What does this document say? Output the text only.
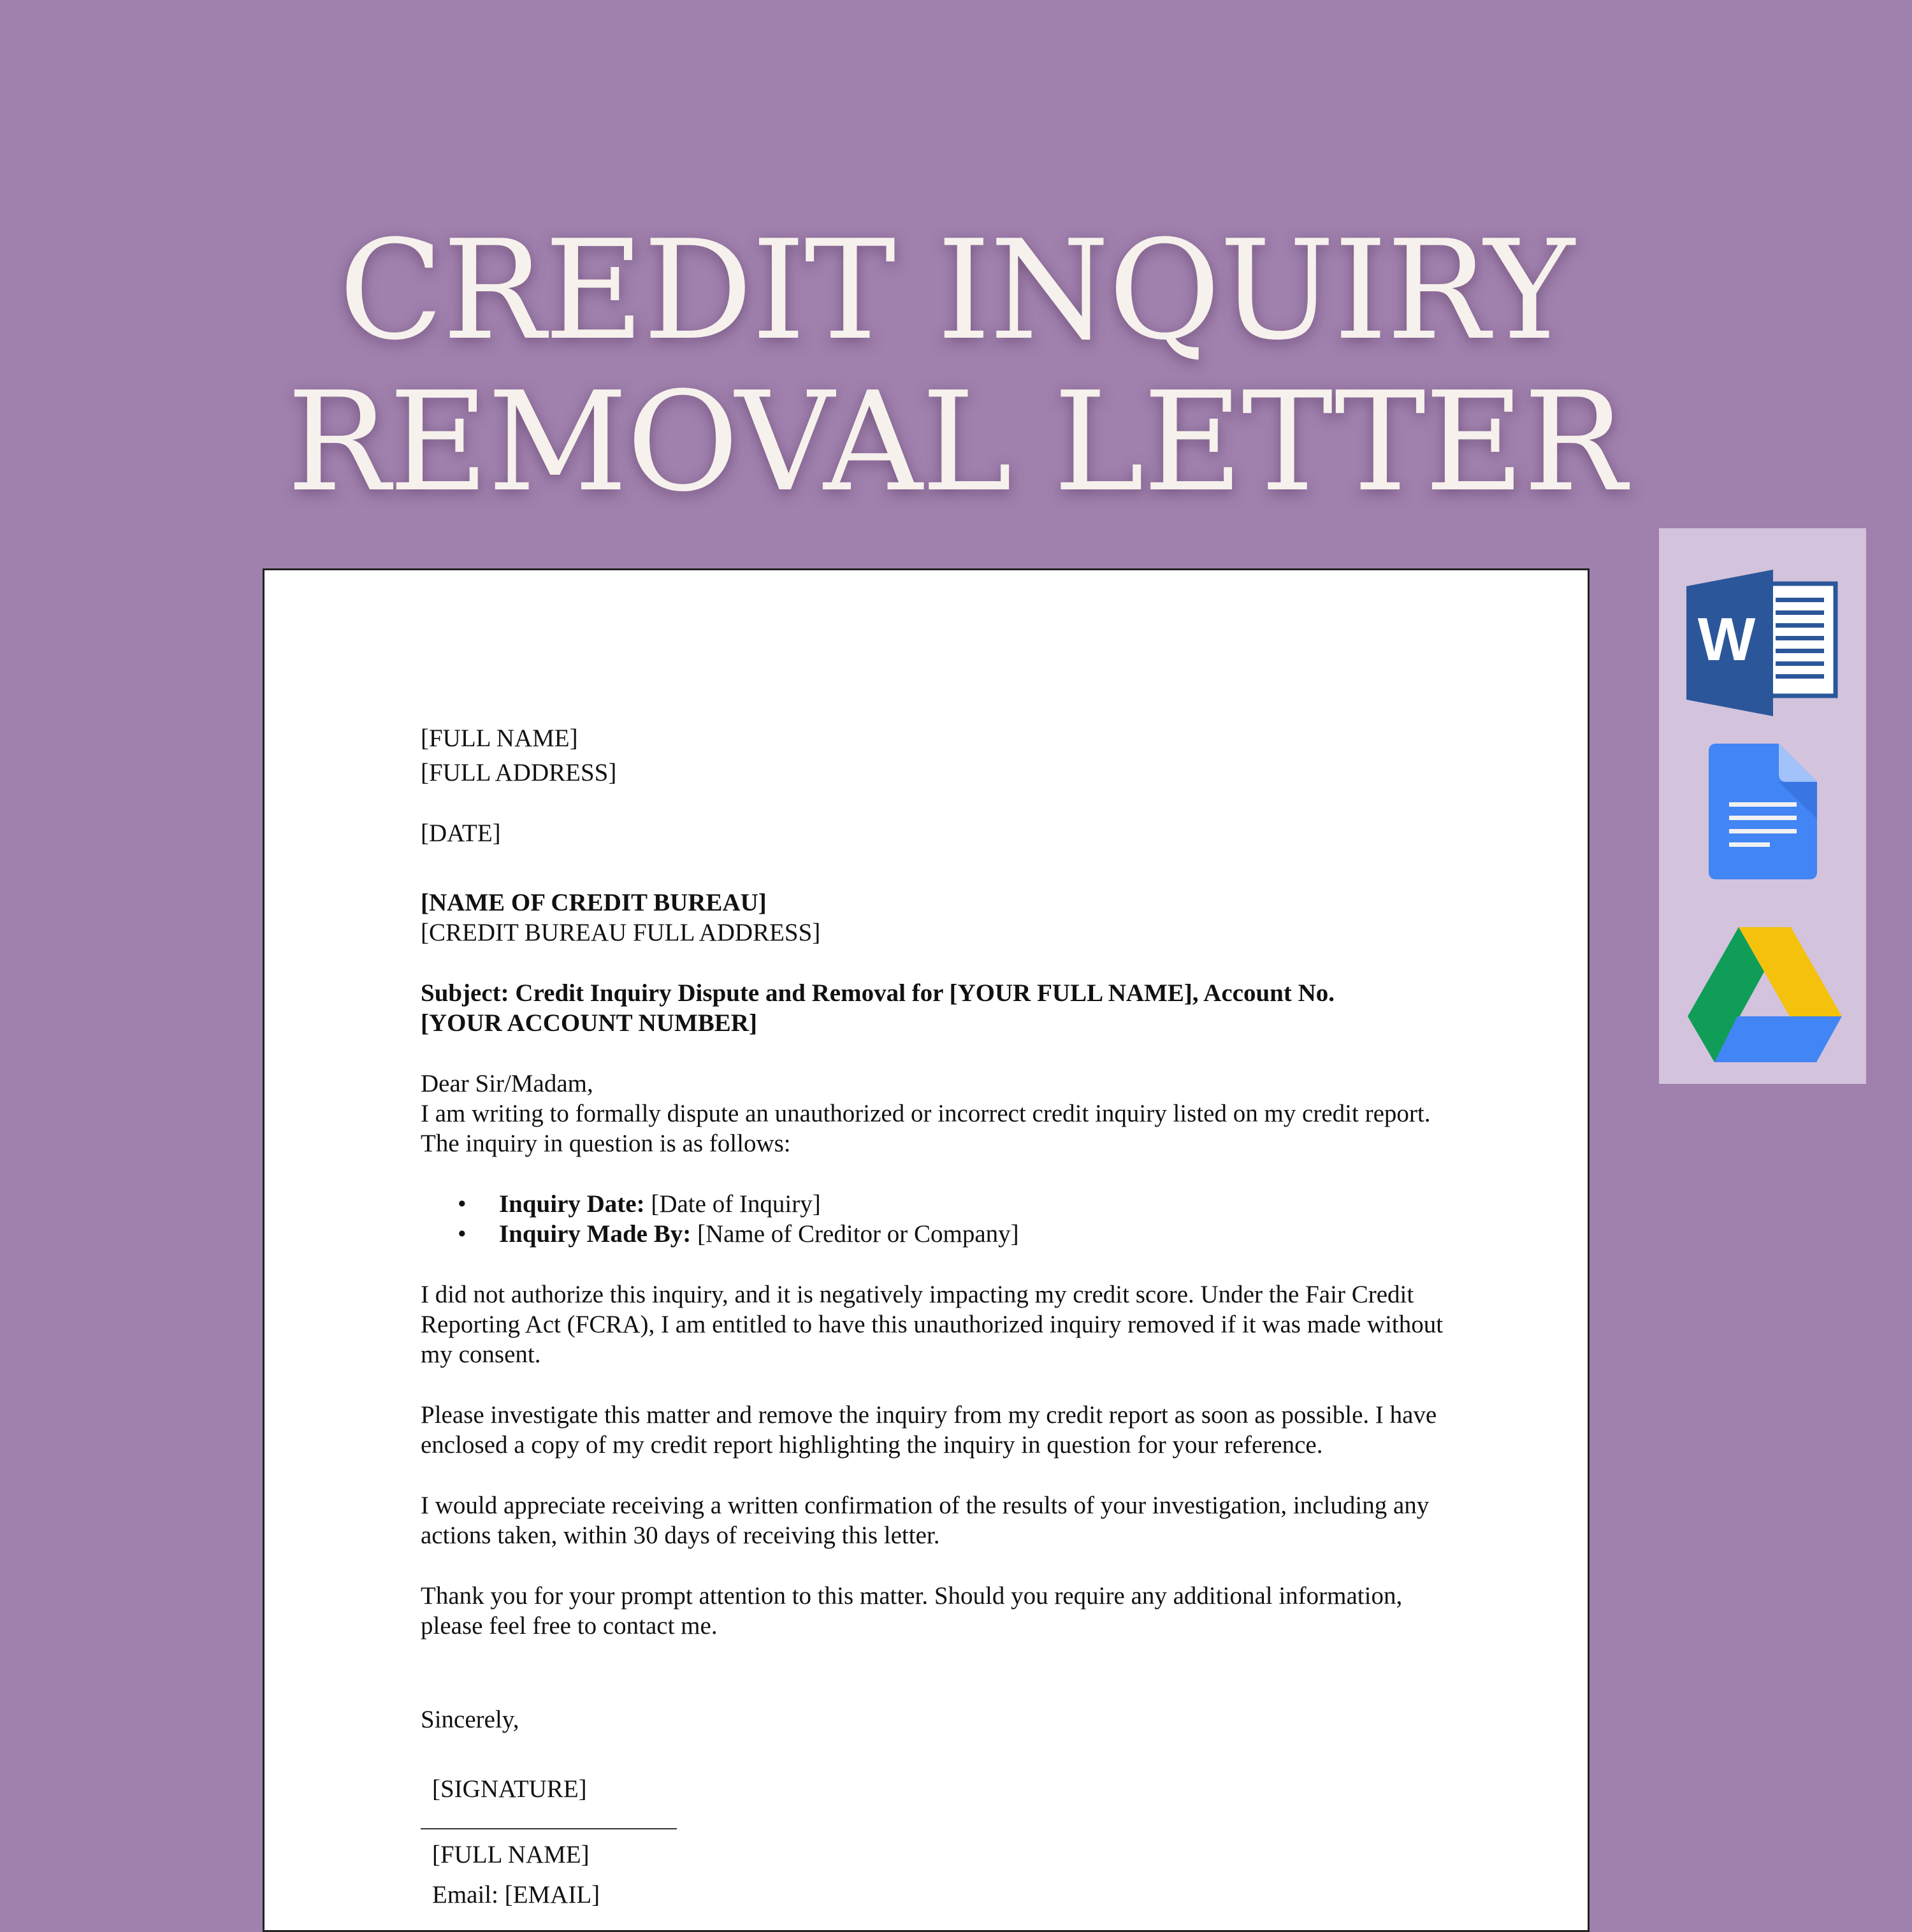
CREDIT INQUIRY
REMOVAL LETTER

[FULL NAME]

[FULL ADDRESS]

[DATE]

[NAME OF CREDIT BUREAU]

[CREDIT BUREAU FULL ADDRESS]

Subject: Credit Inquiry Dispute and Removal for [YOUR FULL NAME], Account No.

[YOUR ACCOUNT NUMBER]

Dear Sir/Madam,

I am writing to formally dispute an unauthorized or incorrect credit inquiry listed on my credit report. The inquiry in question is as follows:

• Inquiry Date: [Date of Inquiry]
• Inquiry Made By: [Name of Creditor or Company]

I did not authorize this inquiry, and it is negatively impacting my credit score. Under the Fair Credit Reporting Act (FCRA), I am entitled to have this unauthorized inquiry removed if it was made without my consent.

Please investigate this matter and remove the inquiry from my credit report as soon as possible. I have enclosed a copy of my credit report highlighting the inquiry in question for your reference.

I would appreciate receiving a written confirmation of the results of your investigation, including any actions taken, within 30 days of receiving this letter.

Thank you for your prompt attention to this matter. Should you require any additional information, please feel free to contact me.

Sincerely,

[SIGNATURE]

[FULL NAME]

Email: [EMAIL]

W
